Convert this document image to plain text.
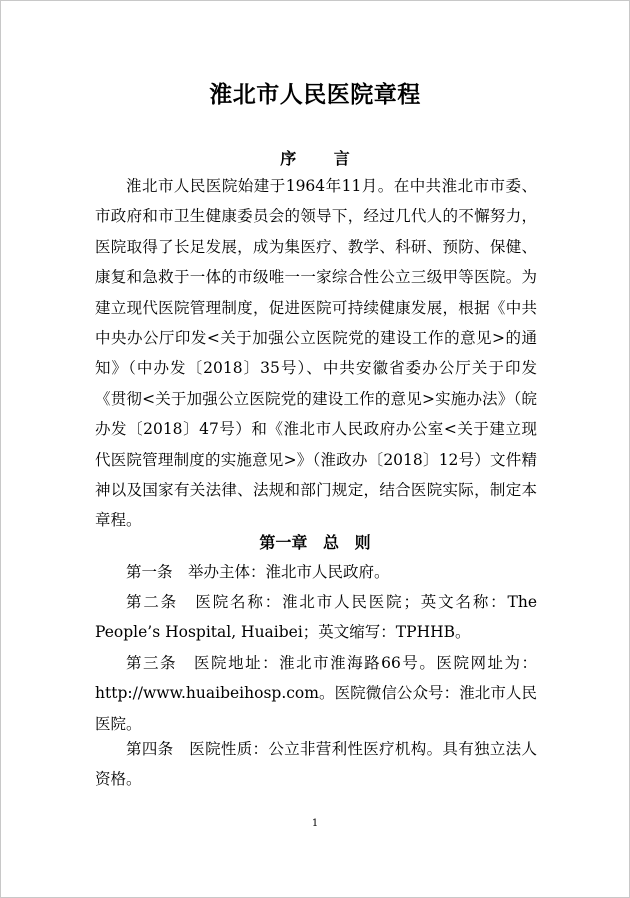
淮北市人民医院章程
序 言

淮北市人民医院始建于1964年11月。在中共淮北市市委、市政府和市卫生健康委员会的领导下，经过几代人的不懈努力，医院取得了长足发展，成为集医疗、教学、科研、预防、保健、康复和急救于一体的市级唯一一家综合性公立三级甲等医院。为建立现代医院管理制度，促进医院可持续健康发展，根据《中共中央办公厅印发<关于加强公立医院党的建设工作的意见>的通知》（中办发〔2018〕35号）、中共安徽省委办公厅关于印发《贯彻<关于加强公立医院党的建设工作的意见>实施办法》（皖办发〔2018〕47号）和《淮北市人民政府办公室<关于建立现代医院管理制度的实施意见>》（淮政办〔2018〕12号）文件精神以及国家有关法律、法规和部门规定，结合医院实际，制定本章程。

第一章 总 则

第一条　举办主体：淮北市人民政府。

第二条　医院名称：淮北市人民医院；英文名称：The People’s Hospital, Huaibei；英文缩写：TPHHB。

第三条　医院地址：淮北市淮海路66号。医院网址为：http://www.huaibeihosp.com。医院微信公众号：淮北市人民医院。

第四条　医院性质：公立非营利性医疗机构。具有独立法人资格。

1
